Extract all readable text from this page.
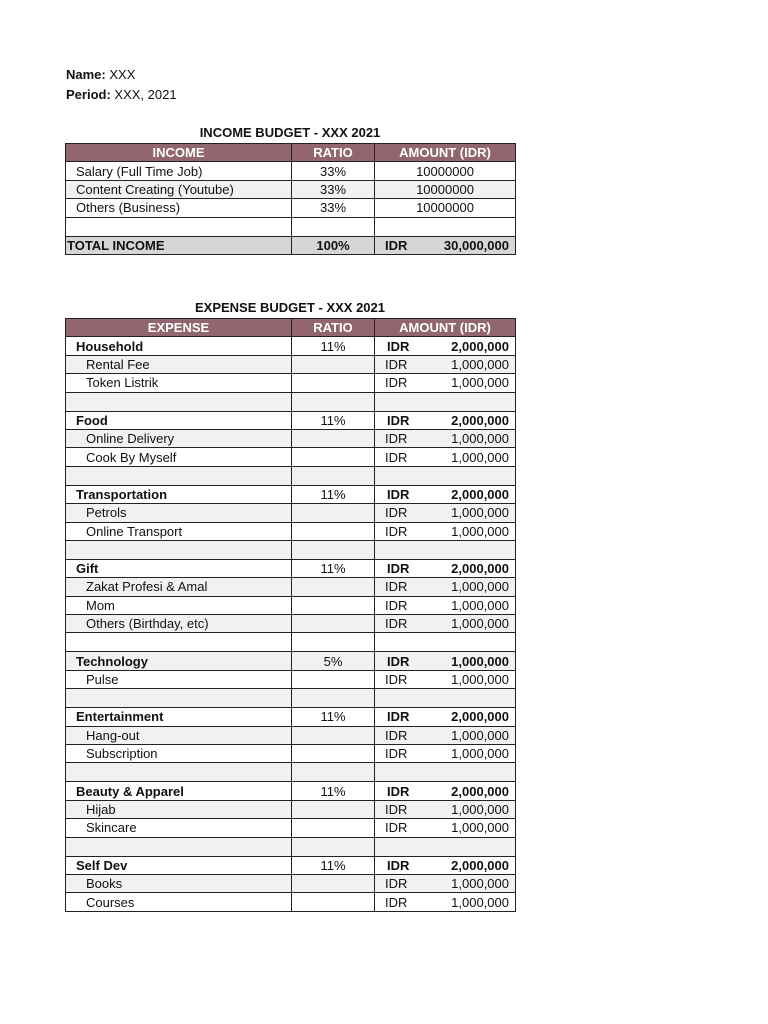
Name: XXX
Period: XXX, 2021
INCOME BUDGET - XXX 2021
INCOME	RATIO	AMOUNT (IDR)
Salary (Full Time Job)	33%	10000000
Content Creating (Youtube)	33%	10000000
Others (Business)	33%	10000000

TOTAL INCOME	100%	IDR 30,000,000
EXPENSE BUDGET - XXX 2021
EXPENSE	RATIO	AMOUNT (IDR)
Household	11%	IDR 2,000,000

Rental Fee		IDR 1,000,000

Token Listrik		IDR 1,000,000

Food	11%	IDR 2,000,000

Online Delivery		IDR 1,000,000

Cook By Myself		IDR 1,000,000

Transportation	11%	IDR 2,000,000

Petrols		IDR 1,000,000

Online Transport		IDR 1,000,000

Gift	11%	IDR 2,000,000

Zakat Profesi & Amal		IDR 1,000,000

Mom		IDR 1,000,000

Others (Birthday, etc)		IDR 1,000,000

Technology	5%	IDR 1,000,000

Pulse		IDR 1,000,000

Entertainment	11%	IDR 2,000,000

Hang-out		IDR 1,000,000

Subscription		IDR 1,000,000

Beauty & Apparel	11%	IDR 2,000,000

Hijab		IDR 1,000,000

Skincare		IDR 1,000,000

Self Dev	11%	IDR 2,000,000

Books		IDR 1,000,000

Courses		IDR 1,000,000
